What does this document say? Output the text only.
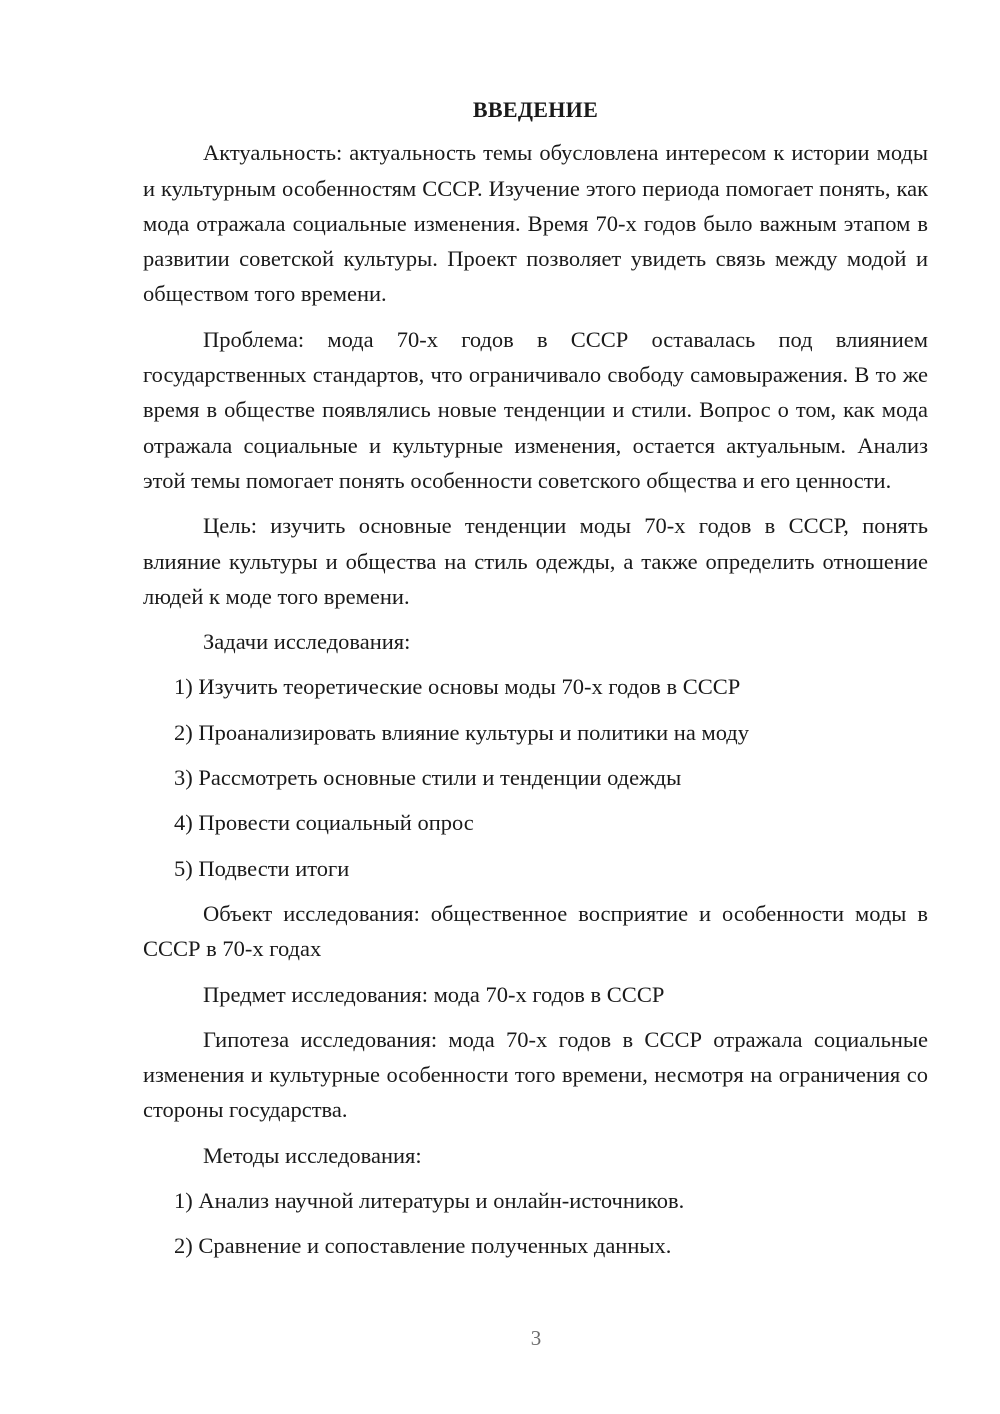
ВВЕДЕНИЕ

Актуальность: актуальность темы обусловлена интересом к истории моды и культурным особенностям СССР. Изучение этого периода помогает понять, как мода отражала социальные изменения. Время 70-х годов было важным этапом в развитии советской культуры. Проект позволяет увидеть связь между модой и обществом того времени.

Проблема: мода 70-х годов в СССР оставалась под влиянием государственных стандартов, что ограничивало свободу самовыражения. В то же время в обществе появлялись новые тенденции и стили. Вопрос о том, как мода отражала социальные и культурные изменения, остается актуальным. Анализ этой темы помогает понять особенности советского общества и его ценности.

Цель: изучить основные тенденции моды 70-х годов в СССР, понять влияние культуры и общества на стиль одежды, а также определить отношение людей к моде того времени.

Задачи исследования:

1) Изучить теоретические основы моды 70-х годов в СССР

2) Проанализировать влияние культуры и политики на моду

3) Рассмотреть основные стили и тенденции одежды

4) Провести социальный опрос

5) Подвести итоги

Объект исследования: общественное восприятие и особенности моды в СССР в 70-х годах

Предмет исследования: мода 70-х годов в СССР

Гипотеза исследования: мода 70-х годов в СССР отражала социальные изменения и культурные особенности того времени, несмотря на ограничения со стороны государства.

Методы исследования:

1) Анализ научной литературы и онлайн-источников.

2) Сравнение и сопоставление полученных данных.

3
